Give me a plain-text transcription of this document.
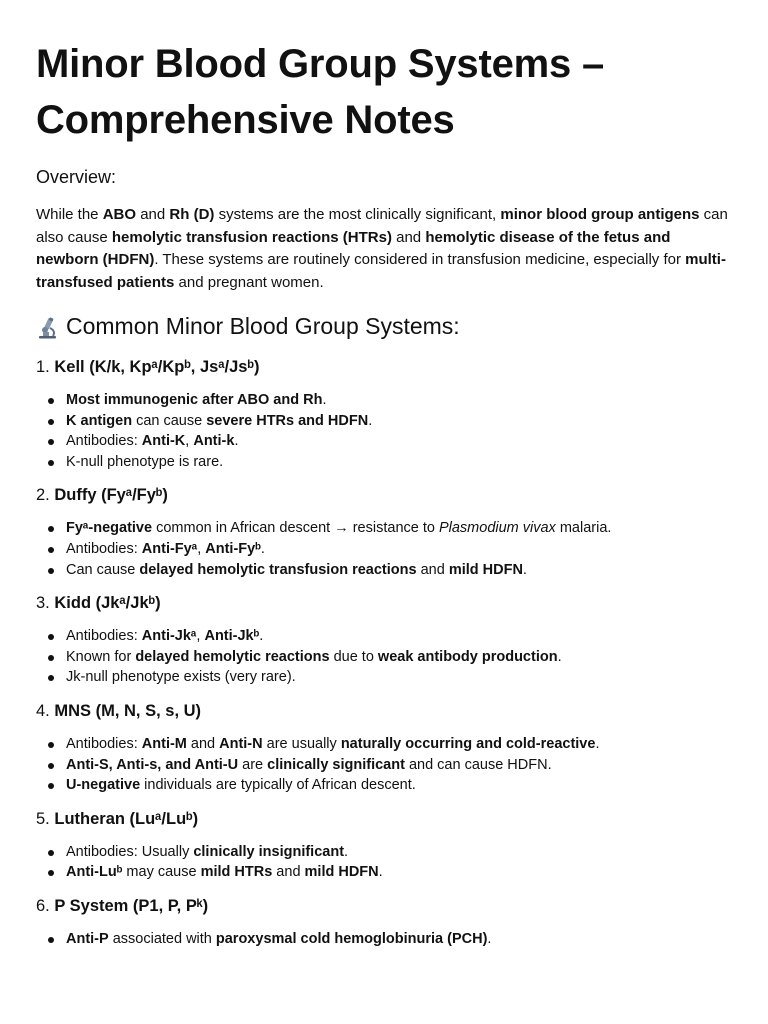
Minor Blood Group Systems – Comprehensive Notes

Overview:

While the ABO and Rh (D) systems are the most clinically significant, minor blood group antigens can also cause hemolytic transfusion reactions (HTRs) and hemolytic disease of the fetus and newborn (HDFN). These systems are routinely considered in transfusion medicine, especially for multi-transfused patients and pregnant women.

Common Minor Blood Group Systems:
1. Kell (K/k, Kpᵃ/Kpᵇ, Jsᵃ/Jsᵇ)
Most immunogenic after ABO and Rh.
K antigen can cause severe HTRs and HDFN.
Antibodies: Anti-K, Anti-k.
K-null phenotype is rare.
2. Duffy (Fyᵃ/Fyᵇ)
Fyᵃ-negative common in African descent → resistance to Plasmodium vivax malaria.
Antibodies: Anti-Fyᵃ, Anti-Fyᵇ.
Can cause delayed hemolytic transfusion reactions and mild HDFN.
3. Kidd (Jkᵃ/Jkᵇ)
Antibodies: Anti-Jkᵃ, Anti-Jkᵇ.
Known for delayed hemolytic reactions due to weak antibody production.
Jk-null phenotype exists (very rare).
4. MNS (M, N, S, s, U)
Antibodies: Anti-M and Anti-N are usually naturally occurring and cold-reactive.
Anti-S, Anti-s, and Anti-U are clinically significant and can cause HDFN.
U-negative individuals are typically of African descent.
5. Lutheran (Luᵃ/Luᵇ)
Antibodies: Usually clinically insignificant.
Anti-Luᵇ may cause mild HTRs and mild HDFN.
6. P System (P1, P, Pᵏ)
Anti-P associated with paroxysmal cold hemoglobinuria (PCH).
